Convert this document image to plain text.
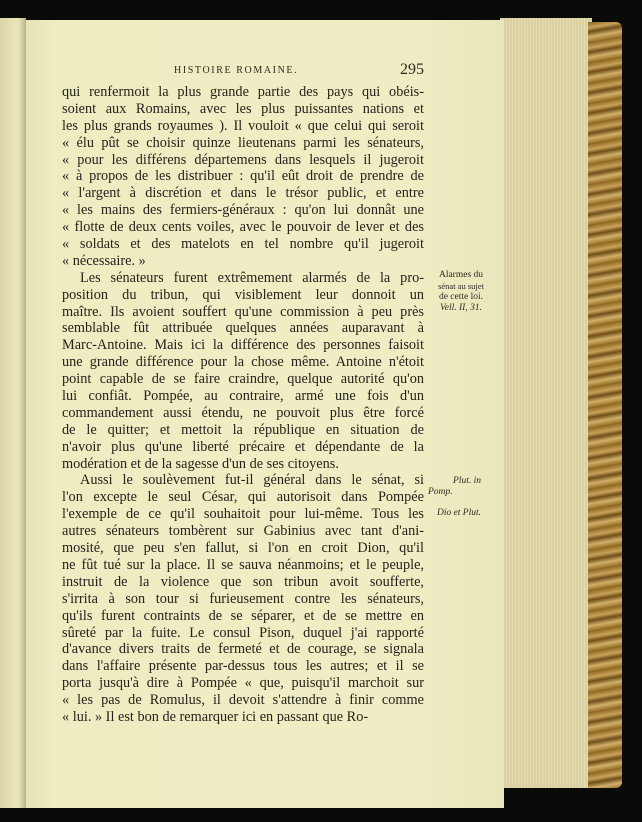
HISTOIRE ROMAINE.	295
qui renfermoit la plus grande partie des pays qui obéis-
soient aux Romains, avec les plus puissantes nations et
les plus grands royaumes ). Il vouloit « que celui qui seroit
« élu pût se choisir quinze lieutenans parmi les sénateurs,
« pour les différens départemens dans lesquels il jugeroit
« à propos de les distribuer : qu'il eût droit de prendre de
« l'argent à discrétion et dans le trésor public, et entre
« les mains des fermiers-généraux : qu'on lui donnât une
« flotte de deux cents voiles, avec le pouvoir de lever et des
« soldats et des matelots en tel nombre qu'il jugeroit
« nécessaire. »
Les sénateurs furent extrêmement alarmés de la pro-
position du tribun, qui visiblement leur donnoit un
maître. Ils avoient souffert qu'une commission à peu près
semblable fût attribuée quelques années auparavant à
Marc-Antoine. Mais ici la différence des personnes faisoit
une grande différence pour la chose même. Antoine n'étoit
point capable de se faire craindre, quelque autorité qu'on
lui confiât. Pompée, au contraire, armé une fois d'un
commandement aussi étendu, ne pouvoit plus être forcé
de le quitter; et mettoit la république en situation de
n'avoir plus qu'une liberté précaire et dépendante de la
modération et de la sagesse d'un de ses citoyens.
Aussi le soulèvement fut-il général dans le sénat, si
l'on excepte le seul César, qui autorisoit dans Pompée
l'exemple de ce qu'il souhaitoit pour lui-même. Tous les
autres sénateurs tombèrent sur Gabinius avec tant d'ani-
mosité, que peu s'en fallut, si l'on en croit Dion, qu'il
ne fût tué sur la place. Il se sauva néanmoins; et le peuple,
instruit de la violence que son tribun avoit soufferte,
s'irrita à son tour si furieusement contre les sénateurs,
qu'ils furent contraints de se séparer, et de se mettre en
sûreté par la fuite. Le consul Pison, duquel j'ai rapporté
d'avance divers traits de fermeté et de courage, se signala
dans l'affaire présente par-dessus tous les autres; et il se
porta jusqu'à dire à Pompée « que, puisqu'il marchoit sur
« les pas de Romulus, il devoit s'attendre à finir comme
« lui. » Il est bon de remarquer ici en passant que Ro-
Alarmes du
sénat au sujet
de cette loi.
Vell. II, 31.
Plut. in
Pomp.
Dio et Plut.
